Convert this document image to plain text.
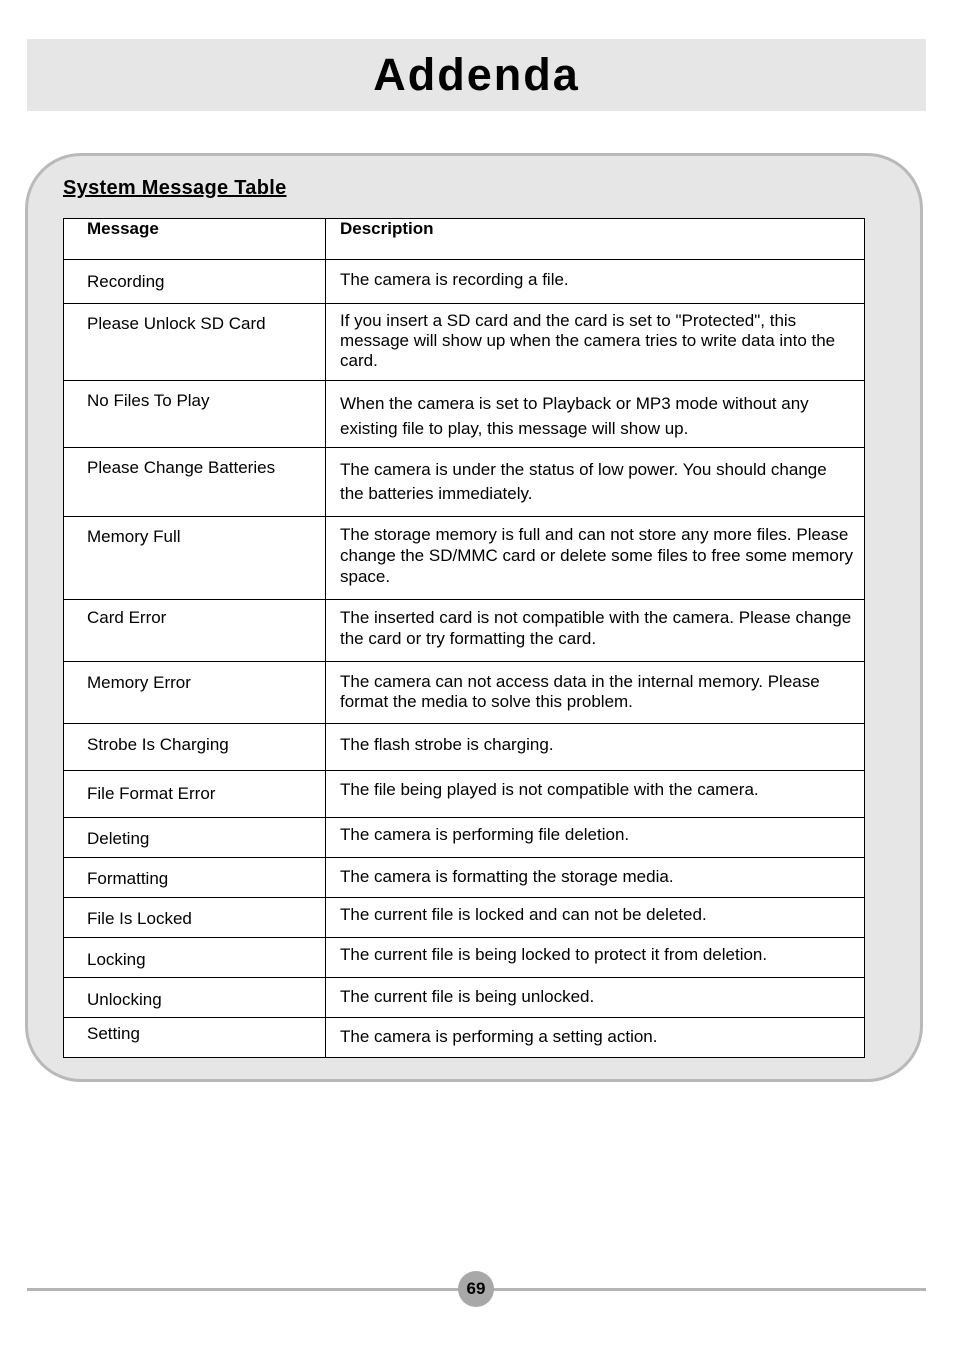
Addenda
System Message Table
Message	Description

Recording	The camera is recording a file.

Please Unlock SD Card	If you insert a SD card and the card is set to "Protected", this message will show up when the camera tries to write data into the card.

No Files To Play	When the camera is set to Playback or MP3 mode without any existing file to play, this message will show up.

Please Change Batteries	The camera is under the status of low power. You should change the batteries immediately.

Memory Full	The storage memory is full and can not store any more files. Please change the SD/MMC card or delete some files to free some memory space.

Card Error	The inserted card is not compatible with the camera. Please change the card or try formatting the card.

Memory Error	The camera can not access data in the internal memory. Please format the media to solve this problem.

Strobe Is Charging	The flash strobe is charging.

File Format Error	The file being played is not compatible with the camera.

Deleting	The camera is performing file deletion.

Formatting	The camera is formatting the storage media.

File Is Locked	The current file is locked and can not be deleted.

Locking	The current file is being locked to protect it from deletion.

Unlocking	The current file is being unlocked.

Setting	The camera is performing a setting action.
69
